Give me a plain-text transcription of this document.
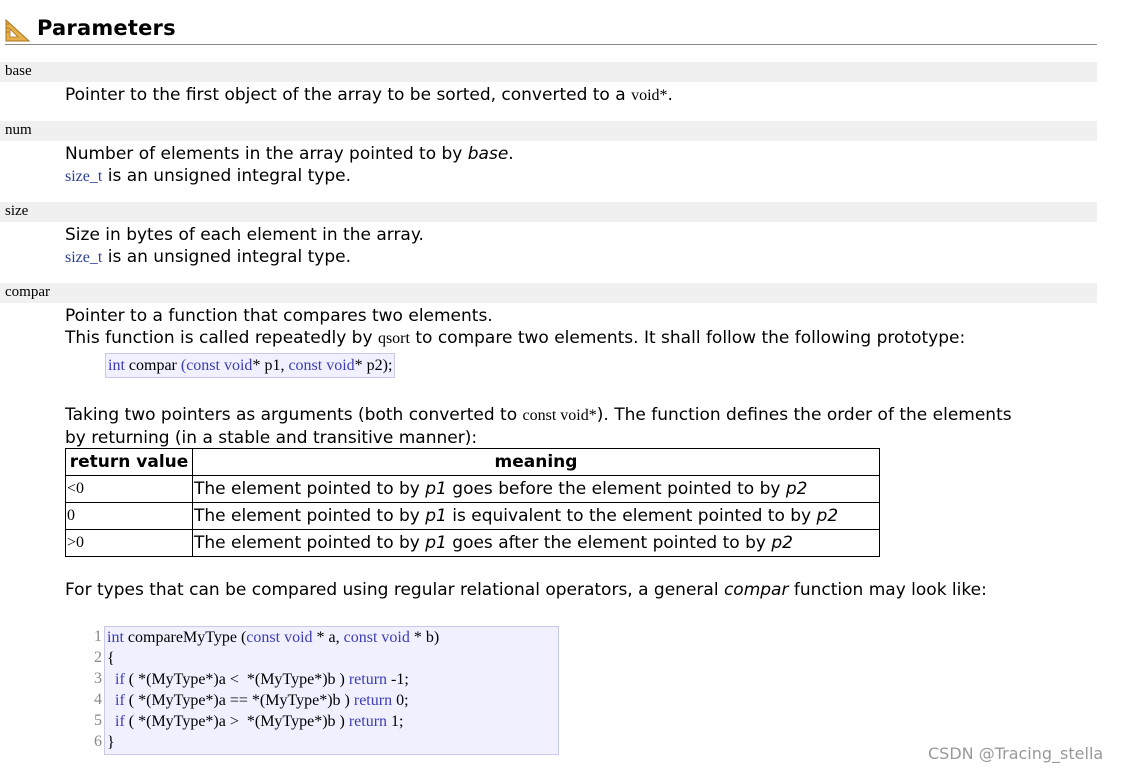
Parameters
base
Pointer to the first object of the array to be sorted, converted to a void*.
num
Number of elements in the array pointed to by base.
size_t is an unsigned integral type.
size
Size in bytes of each element in the array.
size_t is an unsigned integral type.
compar
Pointer to a function that compares two elements.
This function is called repeatedly by qsort to compare two elements. It shall follow the following prototype:
int compar (const void* p1, const void* p2);
Taking two pointers as arguments (both converted to const void*). The function defines the order of the elements
by returning (in a stable and transitive manner):
return value	meaning
<0	The element pointed to by p1 goes before the element pointed to by p2
0	The element pointed to by p1 is equivalent to the element pointed to by p2
>0	The element pointed to by p1 goes after the element pointed to by p2
For types that can be compared using regular relational operators, a general compar function may look like:
1
2
3
4
5
6
int compareMyType (const void * a, const void * b)
{
if ( *(MyType*)a <  *(MyType*)b ) return -1;
if ( *(MyType*)a == *(MyType*)b ) return 0;
if ( *(MyType*)a >  *(MyType*)b ) return 1;
}
CSDN @Tracing_stella
